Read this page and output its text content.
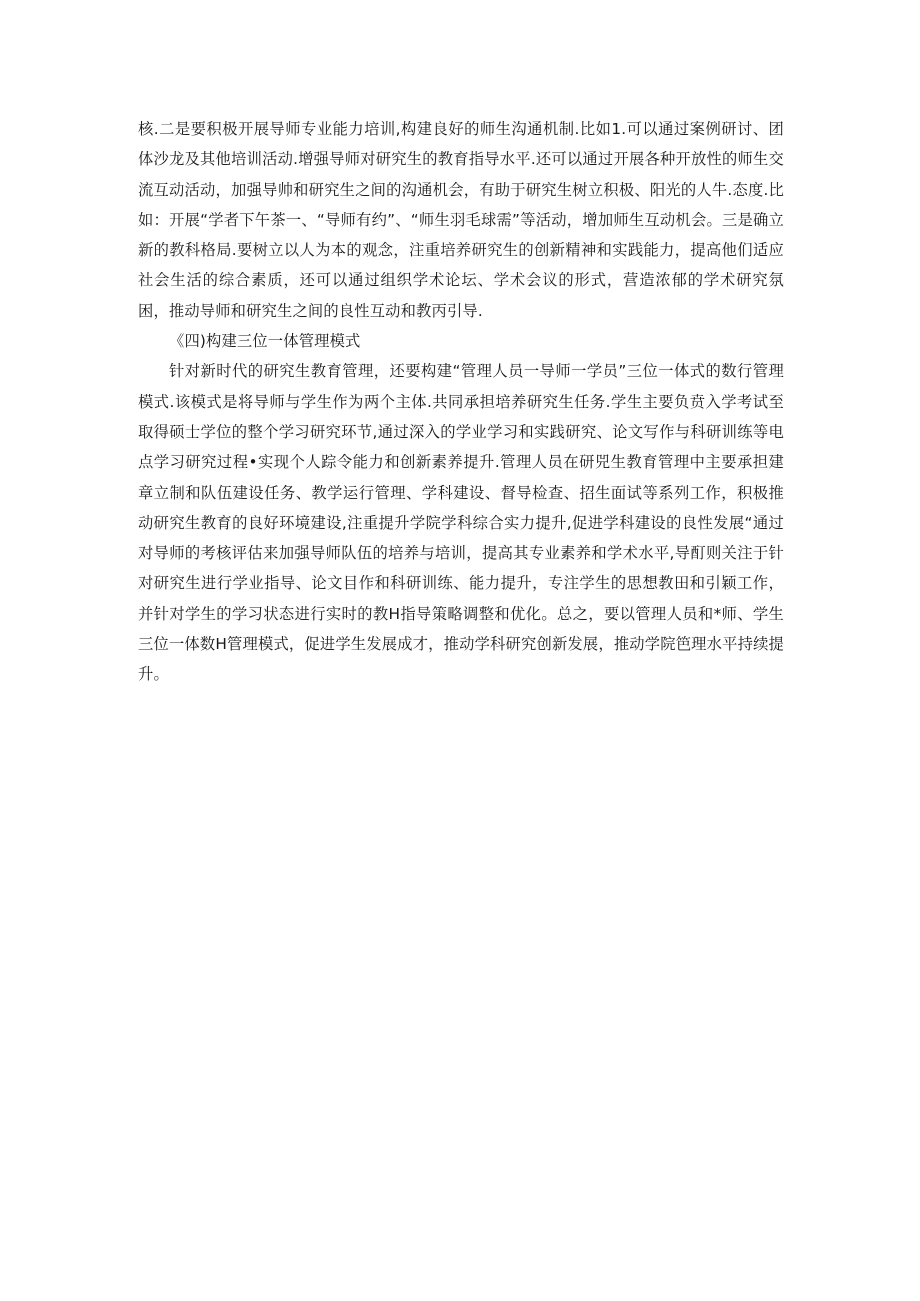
核.二是要积极开展导师专业能力培训,构建良好的师生沟通机制.比如1.可以通过案例研讨、团体沙龙及其他培训活动.增强导师对研究生的教育指导水平.还可以通过开展各种开放性的师生交流互动活动，加强导帅和研究生之间的沟通机会，有助于研究生树立积极、阳光的人牛.态度.比如：开展“学者下午茶一、“导师有约”、“师生羽毛球需”等活动，增加师生互动机会。三是确立新的教科格局.要树立以人为本的观念，注重培养研究生的创新精神和实践能力，提高他们适应社会生活的综合素质，还可以通过组织学术论坛、学术会议的形式，营造浓郁的学术研究氛困，推动导师和研究生之间的良性互动和教丙引导.

《四)构建三位一体管理模式

针对新时代的研究生教育管理，还要构建“管理人员一导师一学员”三位一体式的数行管理模式.该模式是将导师与学生作为两个主体.共同承担培养研究生任务.学生主要负贲入学考试至取得硕士学位的整个学习研究环节,通过深入的学业学习和实践研究、论文写作与科研训练等电点学习研究过程•实现个人踪令能力和创新素养提升.管理人员在研兕生教育管理中主要承担建章立制和队伍建设任务、教学运行管理、学科建设、督导检查、招生面试等系列工作，积极推动研究生教育的良好环境建设,注重提升学院学科综合实力提升,促进学科建设的良性发展“通过对导师的考核评估来加强导师队伍的培养与培训，提高其专业素养和学术水平,导酊则关注于针对研究生进行学业指导、论文目作和科研训练、能力提升，专注学生的思想教田和引颖工作，并针对学生的学习状态进行实时的教H指导策略调整和优化。总之，要以管理人员和*师、学生三位一体数H管理模式，促进学生发展成才，推动学科研究创新发展，推动学院笆理水平持续提升。
